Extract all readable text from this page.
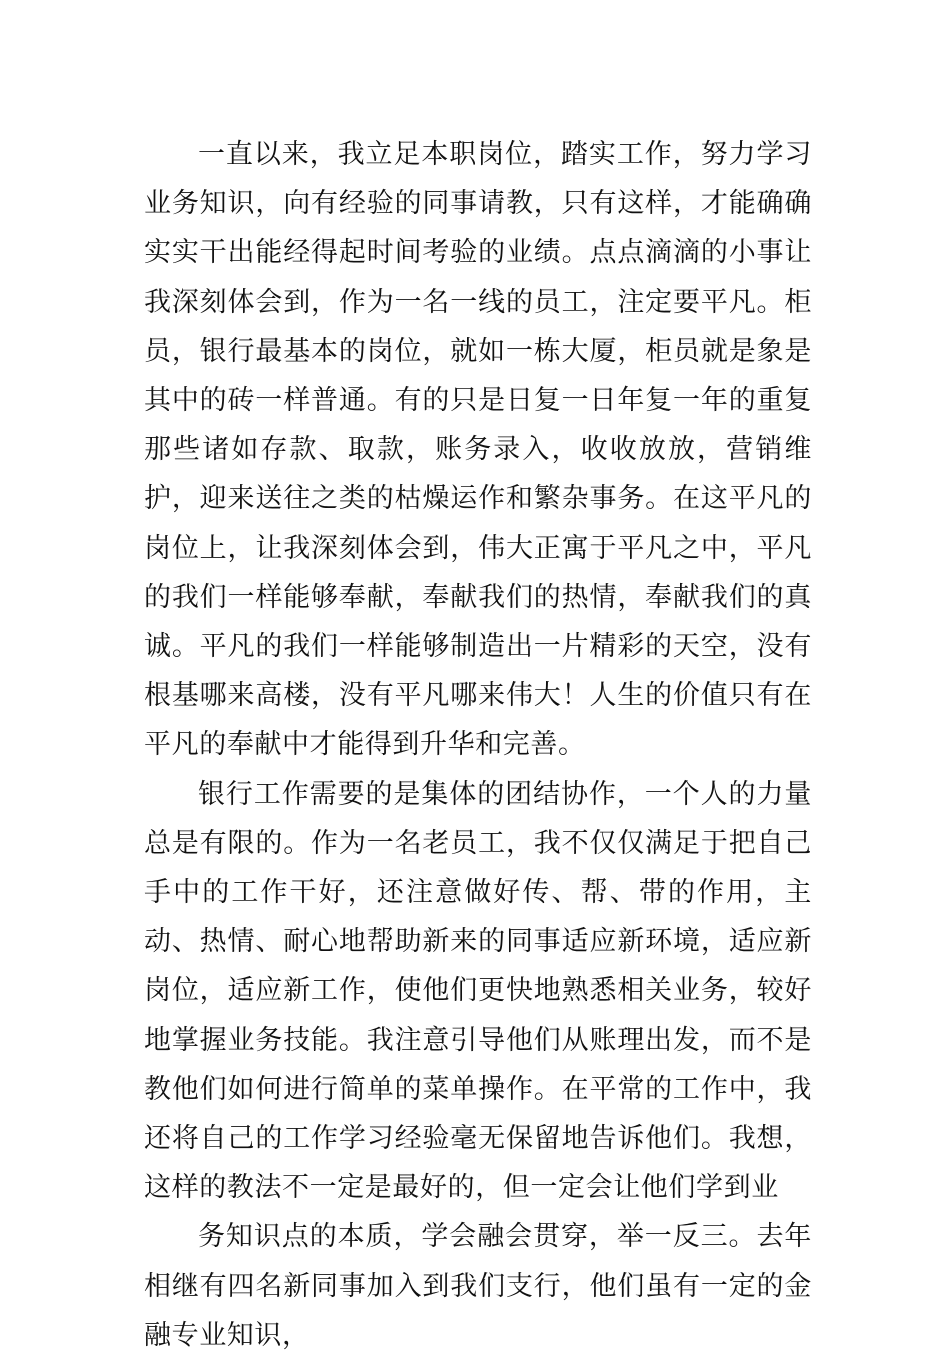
一直以来，我立足本职岗位，踏实工作，努力学习业务知识，向有经验的同事请教，只有这样，才能确确实实干出能经得起时间考验的业绩。点点滴滴的小事让我深刻体会到，作为一名一线的员工，注定要平凡。柜员，银行最基本的岗位，就如一栋大厦，柜员就是象是其中的砖一样普通。有的只是日复一日年复一年的重复那些诸如存款、取款，账务录入，收收放放，营销维护，迎来送往之类的枯燥运作和繁杂事务。在这平凡的岗位上，让我深刻体会到，伟大正寓于平凡之中，平凡的我们一样能够奉献，奉献我们的热情，奉献我们的真诚。平凡的我们一样能够制造出一片精彩的天空，没有根基哪来高楼，没有平凡哪来伟大！人生的价值只有在平凡的奉献中才能得到升华和完善。

银行工作需要的是集体的团结协作，一个人的力量总是有限的。作为一名老员工，我不仅仅满足于把自己手中的工作干好，还注意做好传、帮、带的作用，主动、热情、耐心地帮助新来的同事适应新环境，适应新岗位，适应新工作，使他们更快地熟悉相关业务，较好地掌握业务技能。我注意引导他们从账理出发，而不是教他们如何进行简单的菜单操作。在平常的工作中，我还将自己的工作学习经验毫无保留地告诉他们。我想，这样的教法不一定是最好的，但一定会让他们学到业

务知识点的本质，学会融会贯穿，举一反三。去年相继有四名新同事加入到我们支行，他们虽有一定的金融专业知识，
